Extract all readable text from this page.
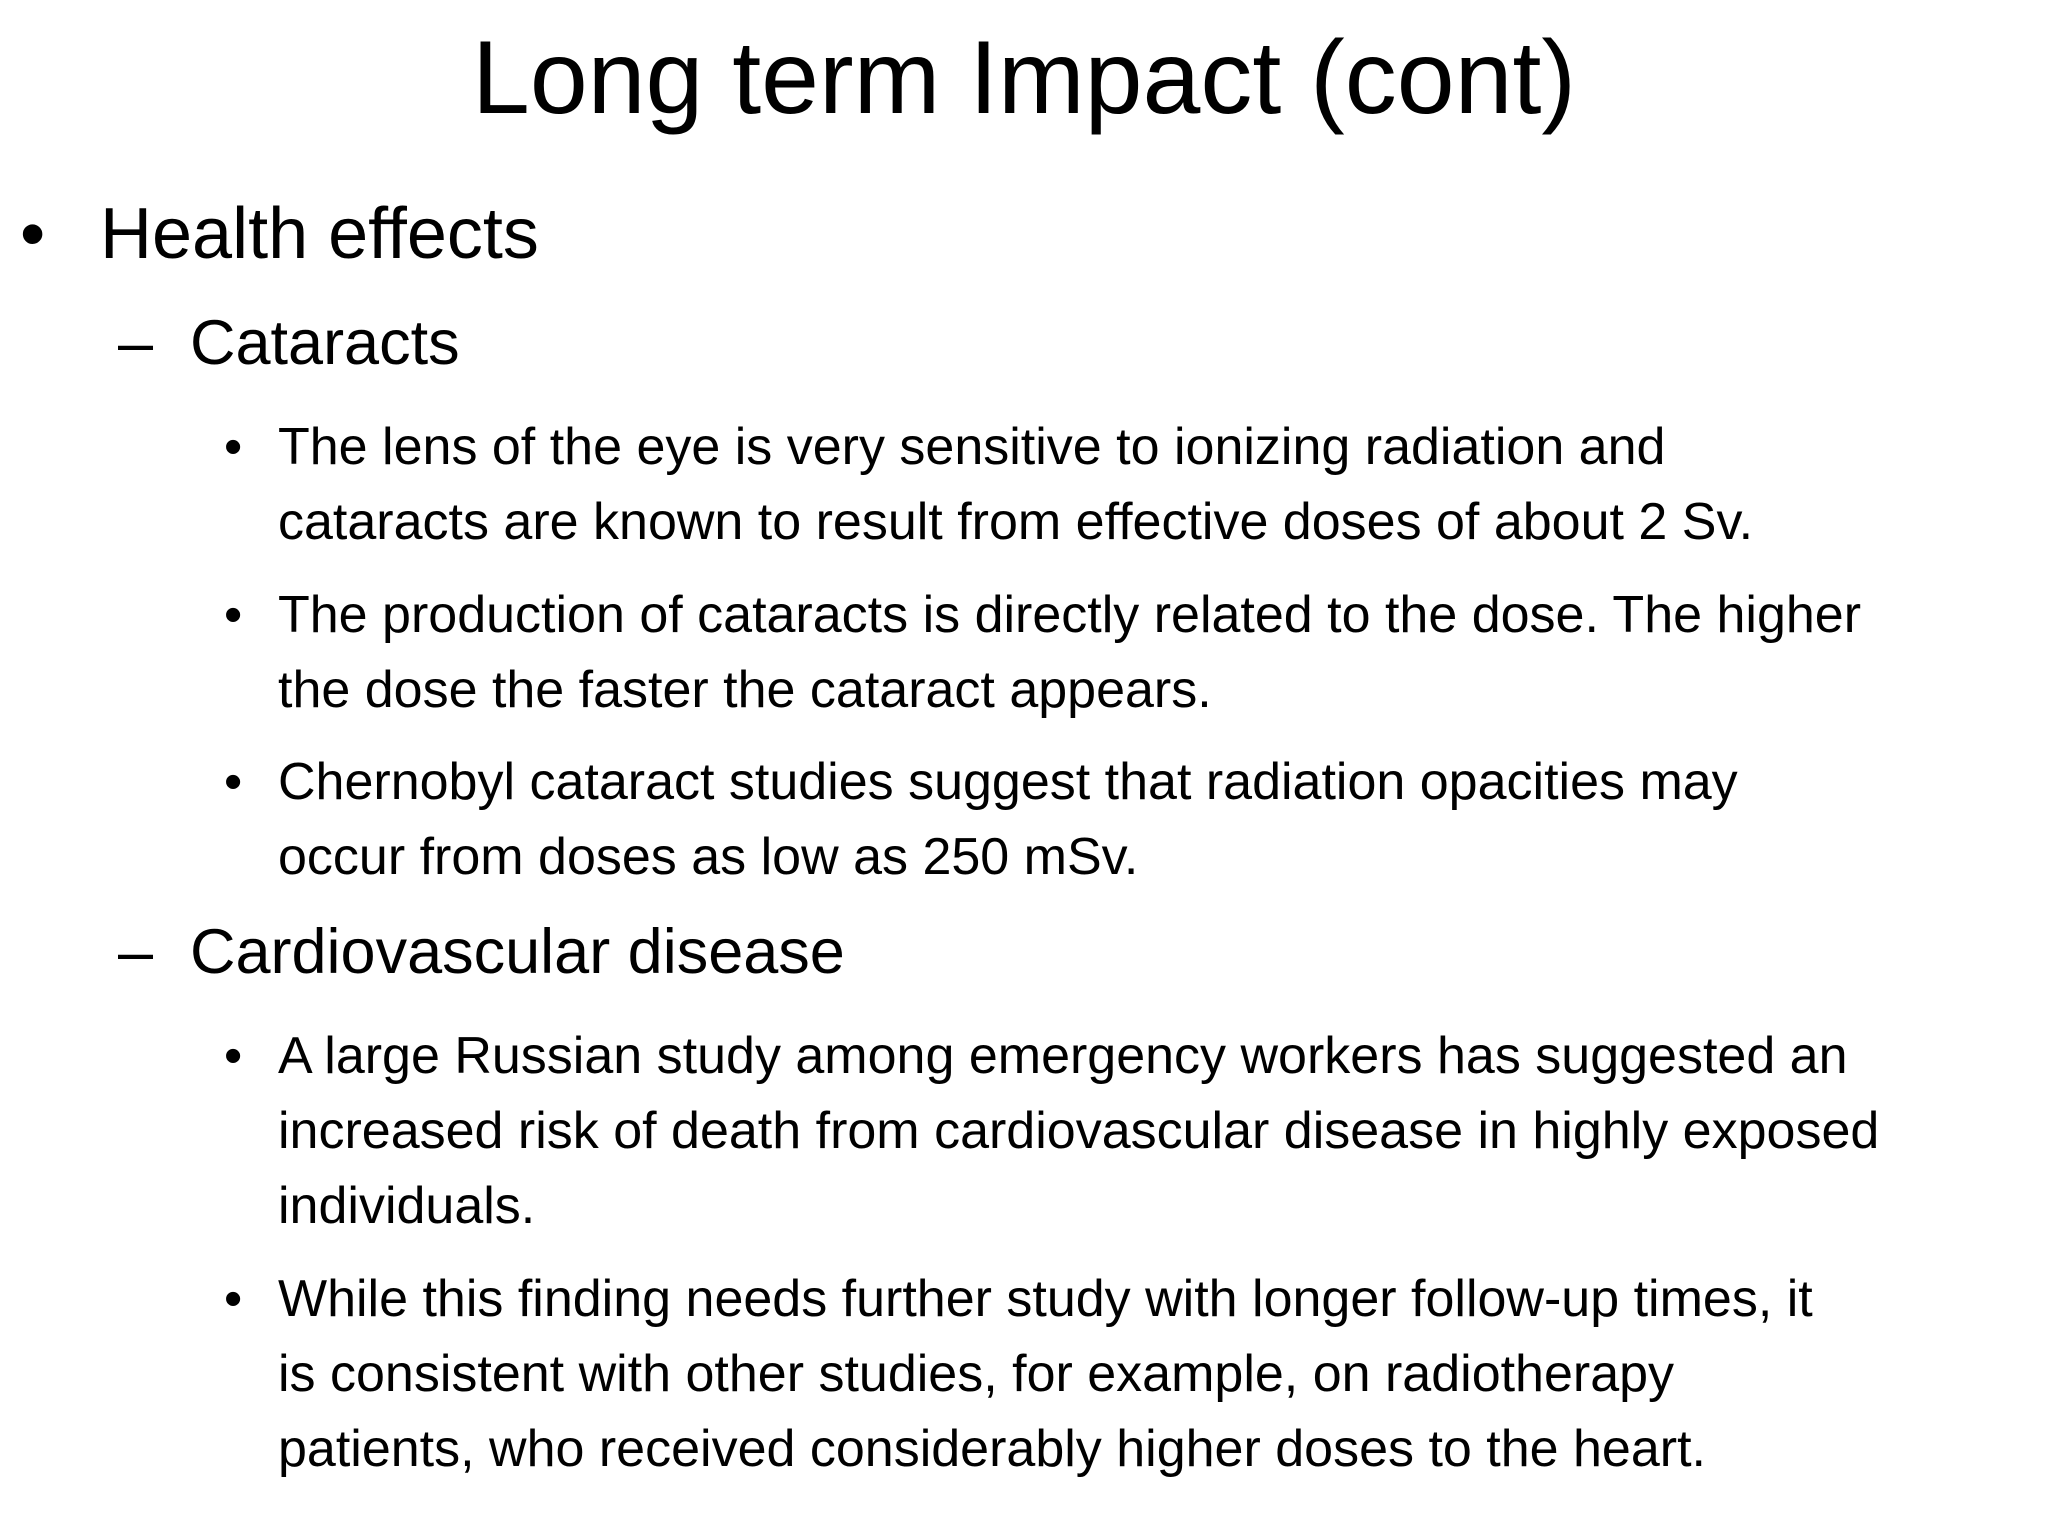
Long term Impact (cont)
• Health effects
– Cataracts
• The lens of the eye is very sensitive to ionizing radiation and
cataracts are known to result from effective doses of about 2 Sv.
• The production of cataracts is directly related to the dose. The higher
the dose the faster the cataract appears.
• Chernobyl cataract studies suggest that radiation opacities may
occur from doses as low as 250 mSv.
– Cardiovascular disease
• A large Russian study among emergency workers has suggested an
increased risk of death from cardiovascular disease in highly exposed
individuals.
• While this finding needs further study with longer follow-up times, it
is consistent with other studies, for example, on radiotherapy
patients, who received considerably higher doses to the heart.
